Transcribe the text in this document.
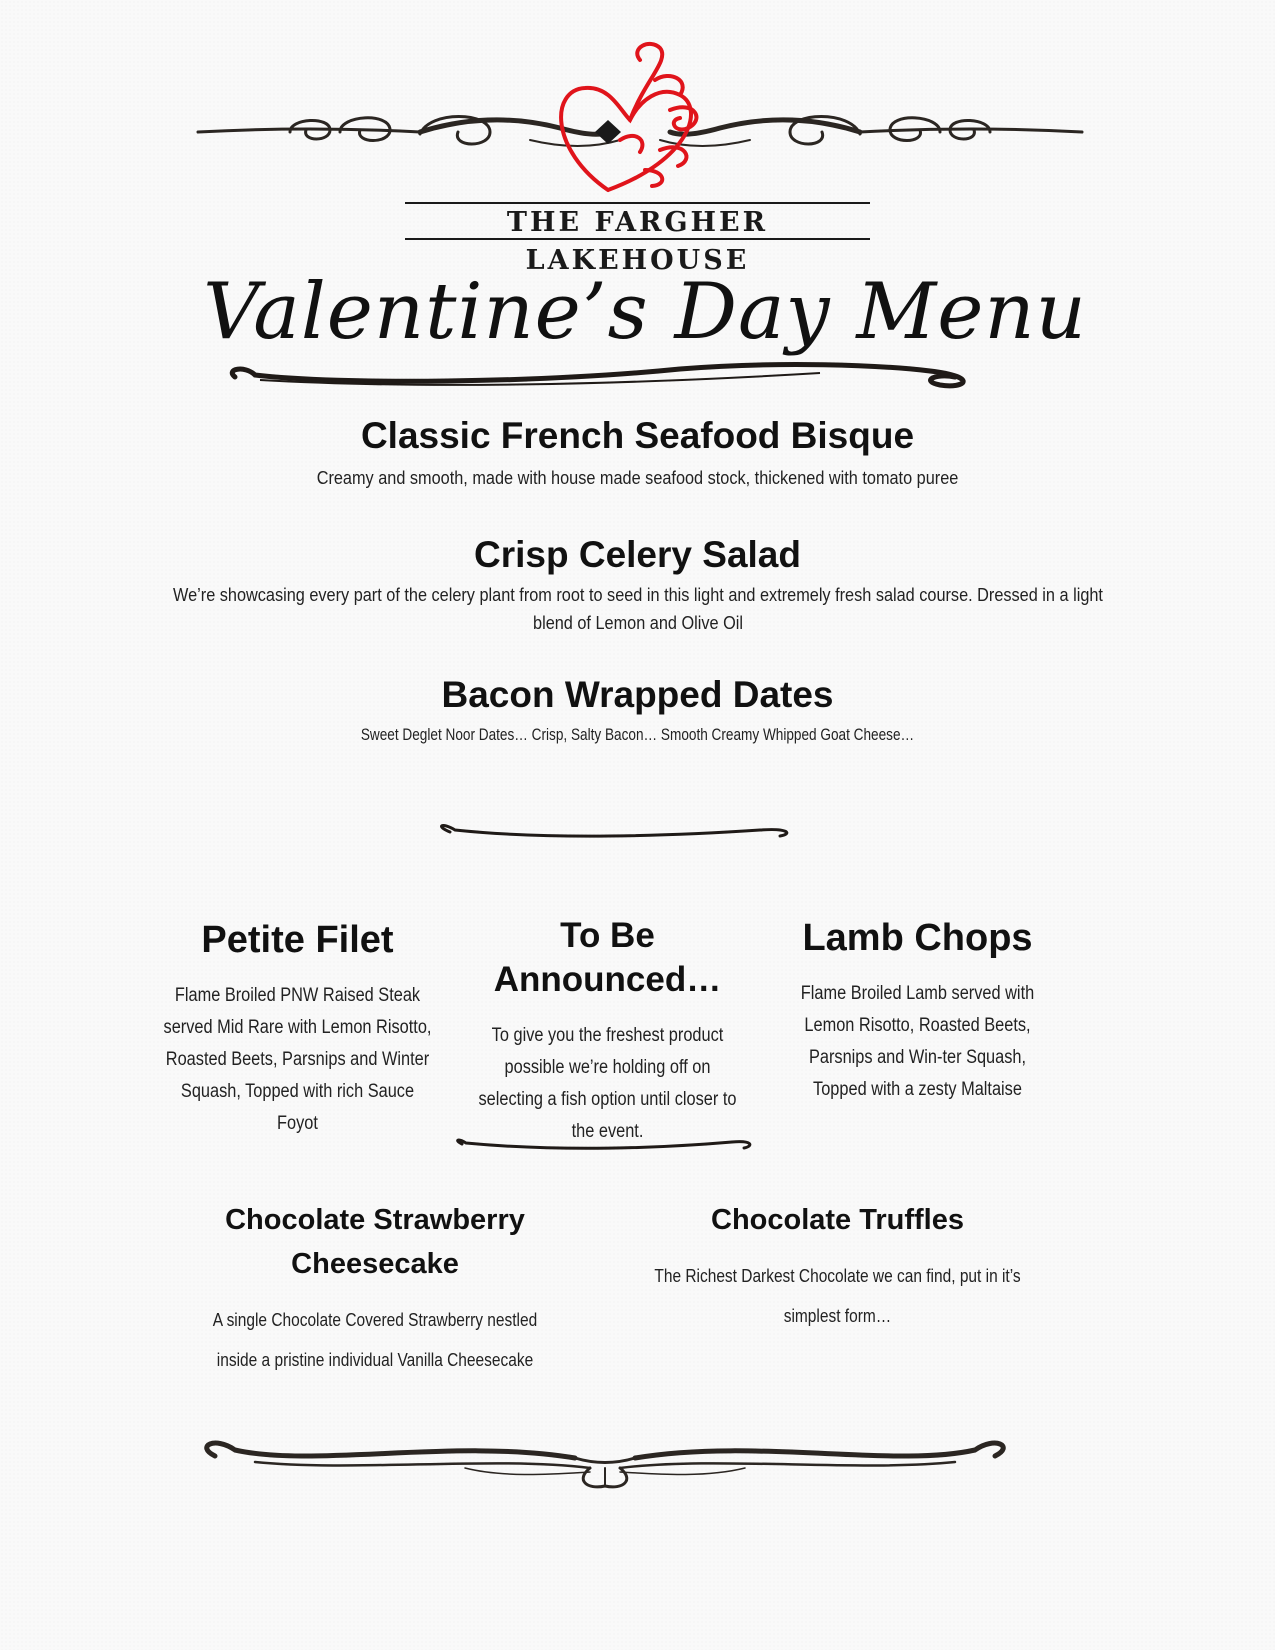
THE FARGHER LAKEHOUSE
Valentine’s Day Menu
Classic French Seafood Bisque

Creamy and smooth, made with house made seafood stock, thickened with tomato puree

Crisp Celery Salad

We’re showcasing every part of the celery plant from root to seed in this light and extremely fresh salad course. Dressed in a light blend of Lemon and Olive Oil

Bacon Wrapped Dates

Sweet Deglet Noor Dates… Crisp, Salty Bacon… Smooth Creamy Whipped Goat Cheese…

Petite Filet

Flame Broiled PNW Raised Steak served Mid Rare with Lemon Risotto, Roasted Beets, Parsnips and Winter Squash, Topped with rich Sauce Foyot

To Be Announced…

To give you the freshest product possible we’re holding off on selecting a fish option until closer to the event.

Lamb Chops

Flame Broiled Lamb served with Lemon Risotto, Roasted Beets, Parsnips and Win-ter Squash, Topped with a zesty Maltaise

Chocolate Strawberry Cheesecake

A single Chocolate Covered Strawberry nestled inside a pristine individual Vanilla Cheesecake

Chocolate Truffles

The Richest Darkest Chocolate we can find, put in it’s simplest form…
